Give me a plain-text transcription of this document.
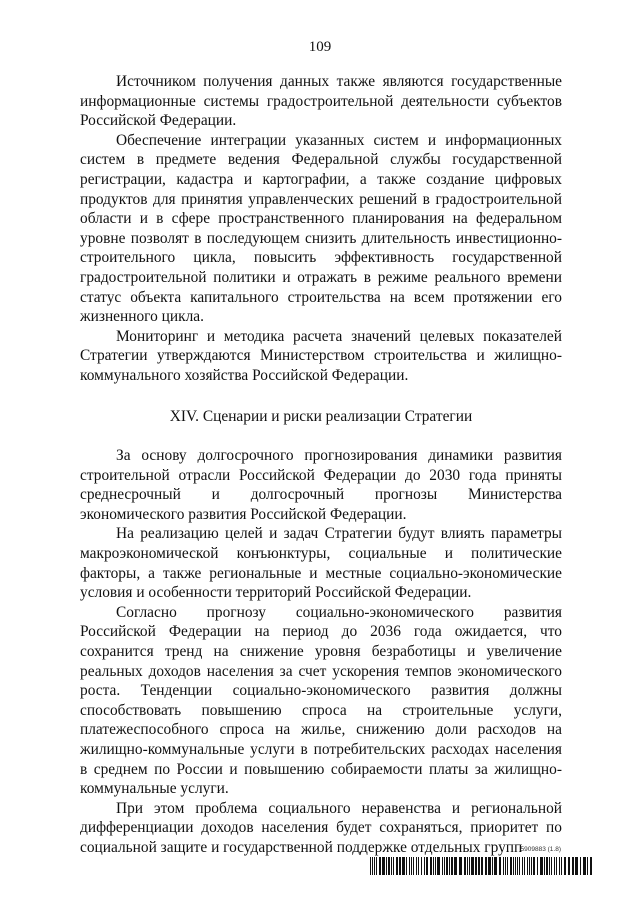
109

Источником получения данных также являются государственные информационные системы градостроительной деятельности субъектов Российской Федерации.

Обеспечение интеграции указанных систем и информационных систем в предмете ведения Федеральной службы государственной регистрации, кадастра и картографии, а также создание цифровых продуктов для принятия управленческих решений в градостроительной области и в сфере пространственного планирования на федеральном уровне позволят в последующем снизить длительность инвестиционно-строительного цикла, повысить эффективность государственной градостроительной политики и отражать в режиме реального времени статус объекта капитального строительства на всем протяжении его жизненного цикла.

Мониторинг и методика расчета значений целевых показателей Стратегии утверждаются Министерством строительства и жилищно-коммунального хозяйства Российской Федерации.

XIV. Сценарии и риски реализации Стратегии

За основу долгосрочного прогнозирования динамики развития строительной отрасли Российской Федерации до 2030 года приняты среднесрочный и долгосрочный прогнозы Министерства экономического развития Российской Федерации.

На реализацию целей и задач Стратегии будут влиять параметры макроэкономической конъюнктуры, социальные и политические факторы, а также региональные и местные социально-экономические условия и особенности территорий Российской Федерации.

Согласно прогнозу социально-экономического развития Российской Федерации на период до 2036 года ожидается, что сохранится тренд на снижение уровня безработицы и увеличение реальных доходов населения за счет ускорения темпов экономического роста. Тенденции социально-экономического развития должны способствовать повышению спроса на строительные услуги, платежеспособного спроса на жилье, снижению доли расходов на жилищно-коммунальные услуги в потребительских расходах населения в среднем по России и повышению собираемости платы за жилищно-коммунальные услуги.

При этом проблема социального неравенства и региональной дифференциации доходов населения будет сохраняться, приоритет по социальной защите и государственной поддержке отдельных групп

5909883 (1.8)
